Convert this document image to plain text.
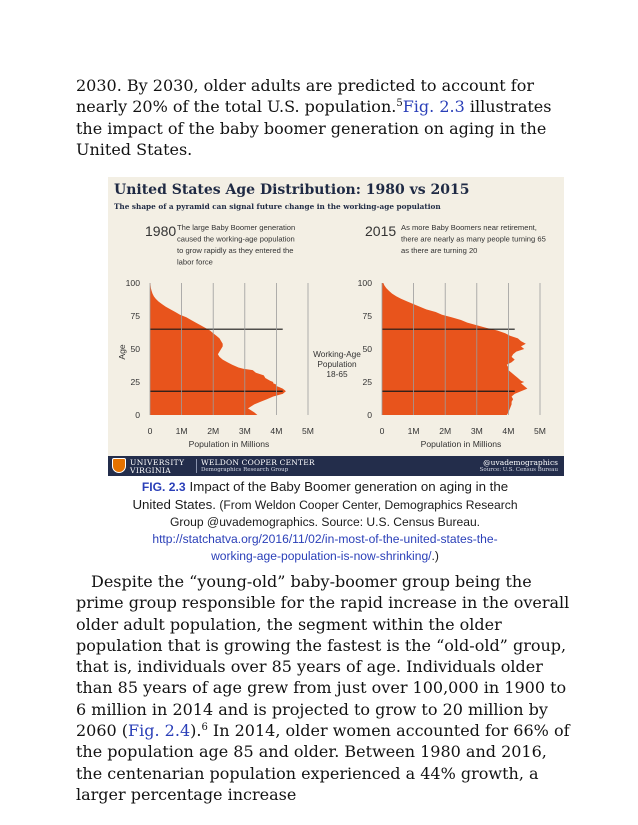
2030. By 2030, older adults are predicted to account for nearly 20% of the total U.S. population.$^5$Fig. 2.3 illustrates the impact of the baby boomer generation on aging in the United States.

1980 The large Baby Boomer generation
caused the working-age population
to grow rapidly as they entered the
labor force
0	1M 2M 3M 4M 5M
0
25
50
75
100
Population in Millions
Age
2015 As more Baby Boomers near retirement,
there are nearly as many people turning 65
as there are turning 20
0	1M 2M 3M 4M 5M
0
25
50
75
100
Population in Millions
Working-Age
Population
18-65
United States Age Distribution: 1980 vs 2015
The shape of a pyramid can signal future change in the working-age population
UNIVERSITY
VIRGINIA
WELDON COOPER CENTER
Demographics Research Group
@uvademographics
Source: U.S. Census Bureau

FIG. 2.3 Impact of the Baby Boomer generation on aging in the United States. (From Weldon Cooper Center, Demographics Research Group @uvademographics. Source: U.S. Census Bureau. http://statchatva.org/2016/11/02/in-most-of-the-united-states-the-working-age-population-is-now-shrinking/.)

Despite the “young-old” baby-boomer group being the prime group responsible for the rapid increase in the overall older adult population, the segment within the older population that is growing the fastest is the “old-old” group, that is, individuals over 85 years of age. Individuals older than 85 years of age grew from just over 100,000 in 1900 to 6 million in 2014 and is projected to grow to 20 million by 2060 (Fig. 2.4).$^6$ In 2014, older women accounted for 66% of the population age 85 and older. Between 1980 and 2016, the centenarian population experienced a 44% growth, a larger percentage increase
